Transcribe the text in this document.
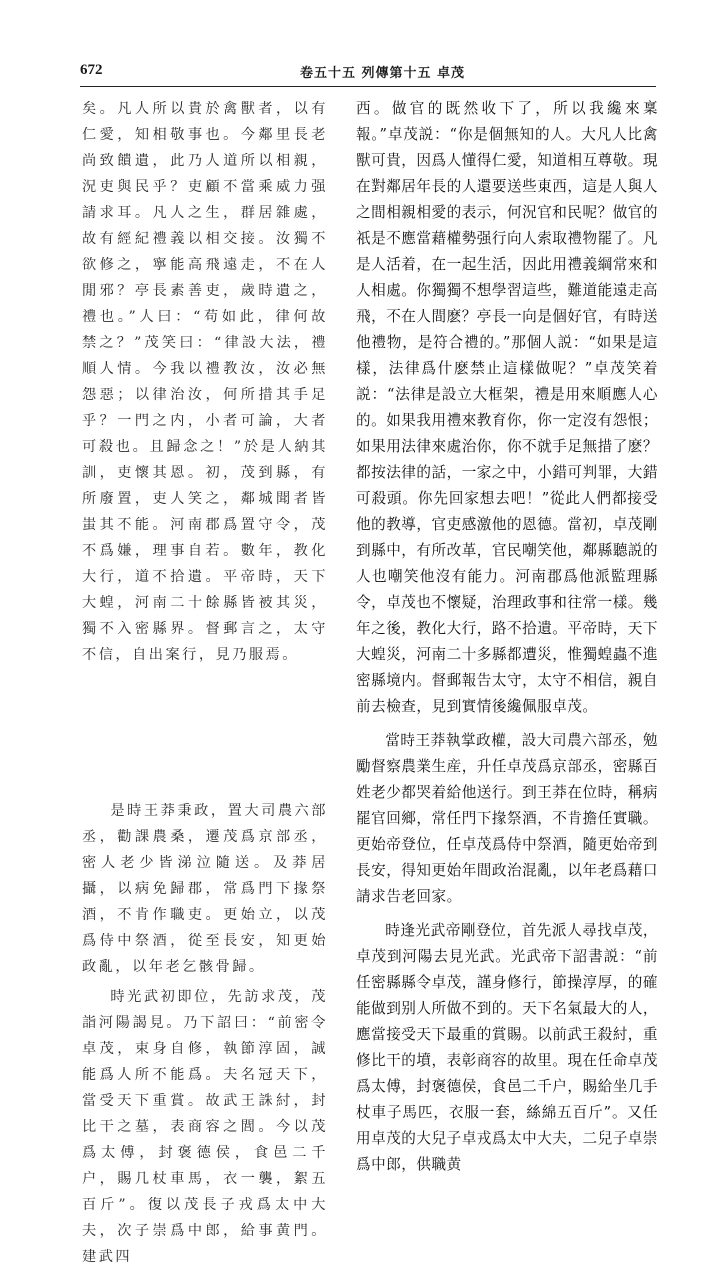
672	卷五十五 列傳第十五 卓茂

矣。凡人所以貴於禽獸者，以有仁愛，知相敬事也。今鄰里長老尚致饋遺，此乃人道所以相親，況吏與民乎？吏顧不當乘威力强請求耳。凡人之生，群居雜處，故有經紀禮義以相交接。汝獨不欲修之，寧能高飛遠走，不在人閒邪？亭長素善吏，歲時遺之，禮也。”人曰：“苟如此，律何故禁之？”茂笑曰：“律設大法，禮順人情。今我以禮教汝，汝必無怨惡；以律治汝，何所措其手足乎？一門之内，小者可論，大者可殺也。且歸念之！”於是人納其訓，吏懷其恩。初，茂到縣，有所廢置，吏人笑之，鄰城聞者皆蚩其不能。河南郡爲置守令，茂不爲嫌，理事自若。數年，教化大行，道不拾遺。平帝時，天下大蝗，河南二十餘縣皆被其災，獨不入密縣界。督郵言之，太守不信，自出案行，見乃服焉。

是時王莽秉政，置大司農六部丞，勸課農桑，遷茂爲京部丞，密人老少皆涕泣隨送。及莽居攝，以病免歸郡，常爲門下掾祭酒，不肯作職吏。更始立，以茂爲侍中祭酒，從至長安，知更始政亂，以年老乞骸骨歸。

時光武初即位，先訪求茂，茂詣河陽謁見。乃下詔曰：“前密令卓茂，束身自修，執節淳固，誠能爲人所不能爲。夫名冠天下，當受天下重賞。故武王誅紂，封比干之墓，表商容之閭。今以茂爲太傅，封褒德侯，食邑二千户，賜几杖車馬，衣一襲，絮五百斤”。復以茂長子戎爲太中大夫，次子崇爲中郎，給事黄門。建武四

西。做官的既然收下了，所以我纔來稟報。”卓茂説：“你是個無知的人。大凡人比禽獸可貴，因爲人懂得仁愛，知道相互尊敬。現在對鄰居年長的人還要送些東西，這是人與人之間相親相愛的表示，何況官和民呢？做官的祇是不應當藉權勢强行向人索取禮物罷了。凡是人活着，在一起生活，因此用禮義綱常來和人相處。你獨獨不想學習這些，難道能遠走高飛，不在人間麽？亭長一向是個好官，有時送他禮物，是符合禮的。”那個人説：“如果是這樣，法律爲什麽禁止這樣做呢？”卓茂笑着説：“法律是設立大框架，禮是用來順應人心的。如果我用禮來教育你，你一定沒有怨恨；如果用法律來處治你，你不就手足無措了麽？都按法律的話，一家之中，小錯可判罪，大錯可殺頭。你先回家想去吧！”從此人們都接受他的教導，官吏感激他的恩德。當初，卓茂剛到縣中，有所改革，官民嘲笑他，鄰縣聽説的人也嘲笑他沒有能力。河南郡爲他派監理縣令，卓茂也不懷疑，治理政事和往常一樣。幾年之後，教化大行，路不拾遺。平帝時，天下大蝗災，河南二十多縣都遭災，惟獨蝗蟲不進密縣境内。督郵報告太守，太守不相信，親自前去檢查，見到實情後纔佩服卓茂。

當時王莽執掌政權，設大司農六部丞，勉勵督察農業生産，升任卓茂爲京部丞，密縣百姓老少都哭着給他送行。到王莽在位時，稱病罷官回鄉，常任門下掾祭酒，不肯擔任實職。更始帝登位，任卓茂爲侍中祭酒，隨更始帝到長安，得知更始年間政治混亂，以年老爲藉口請求告老回家。

時逢光武帝剛登位，首先派人尋找卓茂，卓茂到河陽去見光武。光武帝下詔書説：“前任密縣縣令卓茂，謹身修行，節操淳厚，的確能做到别人所做不到的。天下名氣最大的人，應當接受天下最重的賞賜。以前武王殺紂，重修比干的墳，表彰商容的故里。現在任命卓茂爲太傅，封褒德侯，食邑二千户，賜給坐几手杖車子馬匹，衣服一套，絲綿五百斤”。又任用卓茂的大兒子卓戎爲太中大夫，二兒子卓崇爲中郎，供職黄
